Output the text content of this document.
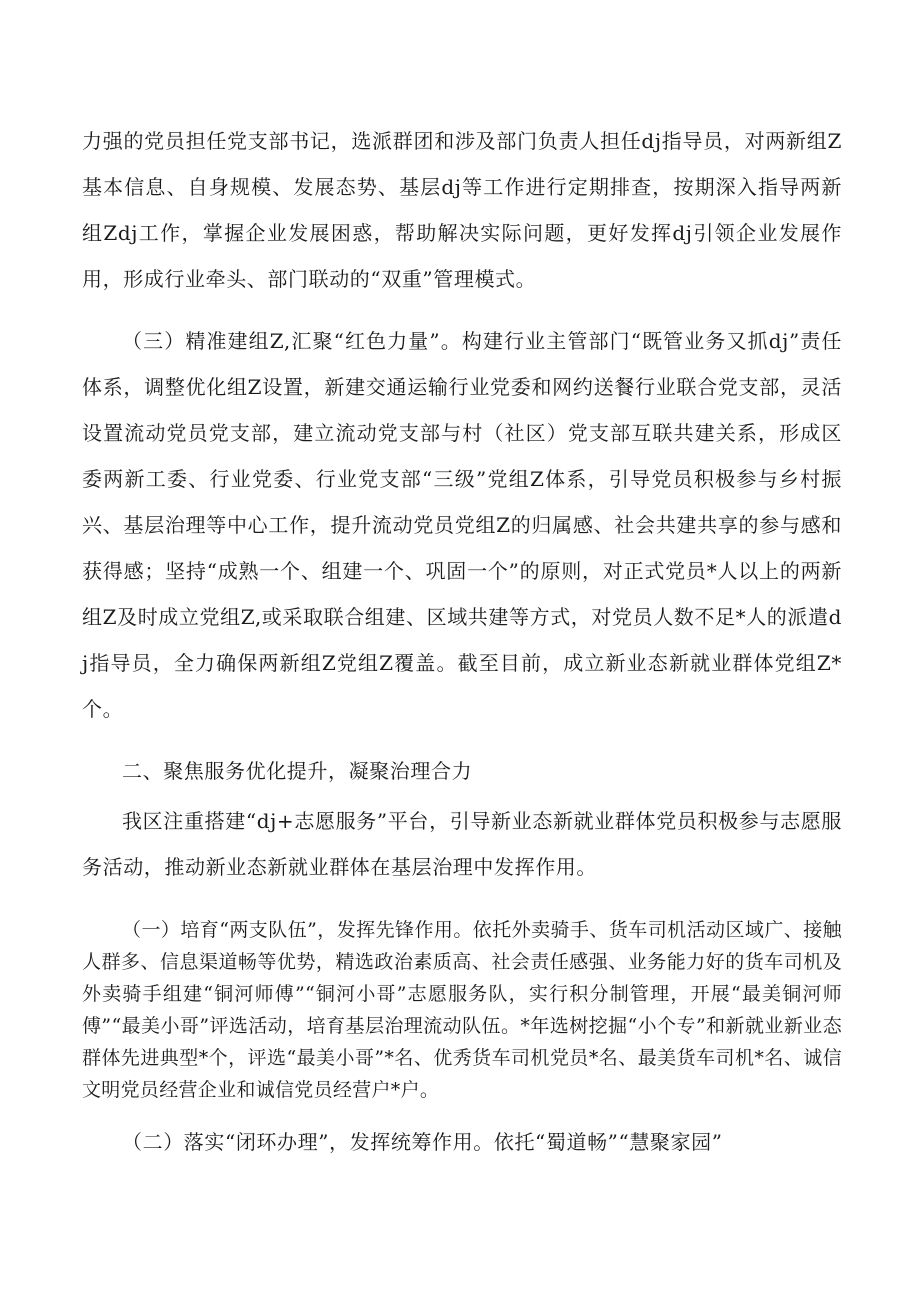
力强的党员担任党支部书记，选派群团和涉及部门负责人担任dj指导员，对两新组Z基本信息、自身规模、发展态势、基层dj等工作进行定期排查，按期深入指导两新组Zdj工作，掌握企业发展困惑，帮助解决实际问题，更好发挥dj引领企业发展作用，形成行业牵头、部门联动的“双重”管理模式。

（三）精准建组Z,汇聚“红色力量”。构建行业主管部门“既管业务又抓dj”责任体系，调整优化组Z设置，新建交通运输行业党委和网约送餐行业联合党支部，灵活设置流动党员党支部，建立流动党支部与村（社区）党支部互联共建关系，形成区委两新工委、行业党委、行业党支部“三级”党组Z体系，引导党员积极参与乡村振兴、基层治理等中心工作，提升流动党员党组Z的归属感、社会共建共享的参与感和获得感；坚持“成熟一个、组建一个、巩固一个”的原则，对正式党员*人以上的两新组Z及时成立党组Z,或采取联合组建、区域共建等方式，对党员人数不足*人的派遣dj指导员，全力确保两新组Z党组Z覆盖。截至目前，成立新业态新就业群体党组Z*个。

二、聚焦服务优化提升，凝聚治理合力

我区注重搭建“dj+志愿服务”平台，引导新业态新就业群体党员积极参与志愿服务活动，推动新业态新就业群体在基层治理中发挥作用。

（一）培育“两支队伍”，发挥先锋作用。依托外卖骑手、货车司机活动区域广、接触人群多、信息渠道畅等优势，精选政治素质高、社会责任感强、业务能力好的货车司机及外卖骑手组建“铜河师傅”“铜河小哥”志愿服务队，实行积分制管理，开展“最美铜河师傅”“最美小哥”评选活动，培育基层治理流动队伍。*年选树挖掘“小个专”和新就业新业态群体先进典型*个，评选“最美小哥”*名、优秀货车司机党员*名、最美货车司机*名、诚信文明党员经营企业和诚信党员经营户*户。

（二）落实“闭环办理”，发挥统筹作用。依托“蜀道畅”“慧聚家园”
